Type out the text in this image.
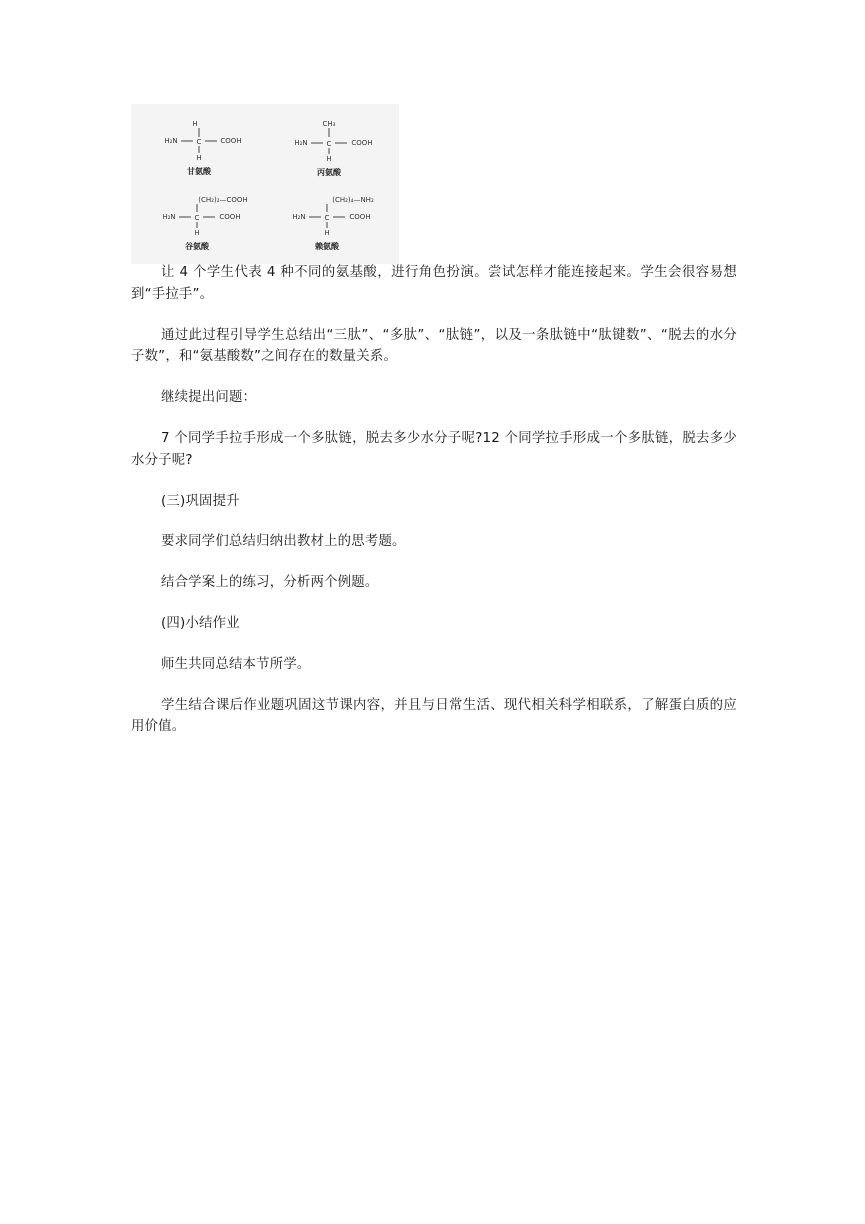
H
H₂N	C	COOH
H
甘氨酸
CH₃
H₂N	C	COOH
H
丙氨酸
(CH₂)₂—COOH
H₂N	C	COOH
H
谷氨酸
(CH₂)₄—NH₂
H₂N	C	COOH
H
赖氨酸

让 4 个学生代表 4 种不同的氨基酸，进行角色扮演。尝试怎样才能连接起来。学生会很容易想到“手拉手”。

通过此过程引导学生总结出“三肽”、“多肽”、“肽链”，以及一条肽链中“肽键数”、“脱去的水分子数”，和“氨基酸数”之间存在的数量关系。

继续提出问题：

7 个同学手拉手形成一个多肽链，脱去多少水分子呢?12 个同学拉手形成一个多肽链，脱去多少水分子呢?

(三)巩固提升

要求同学们总结归纳出教材上的思考题。

结合学案上的练习，分析两个例题。

(四)小结作业

师生共同总结本节所学。

学生结合课后作业题巩固这节课内容，并且与日常生活、现代相关科学相联系，了解蛋白质的应用价值。
